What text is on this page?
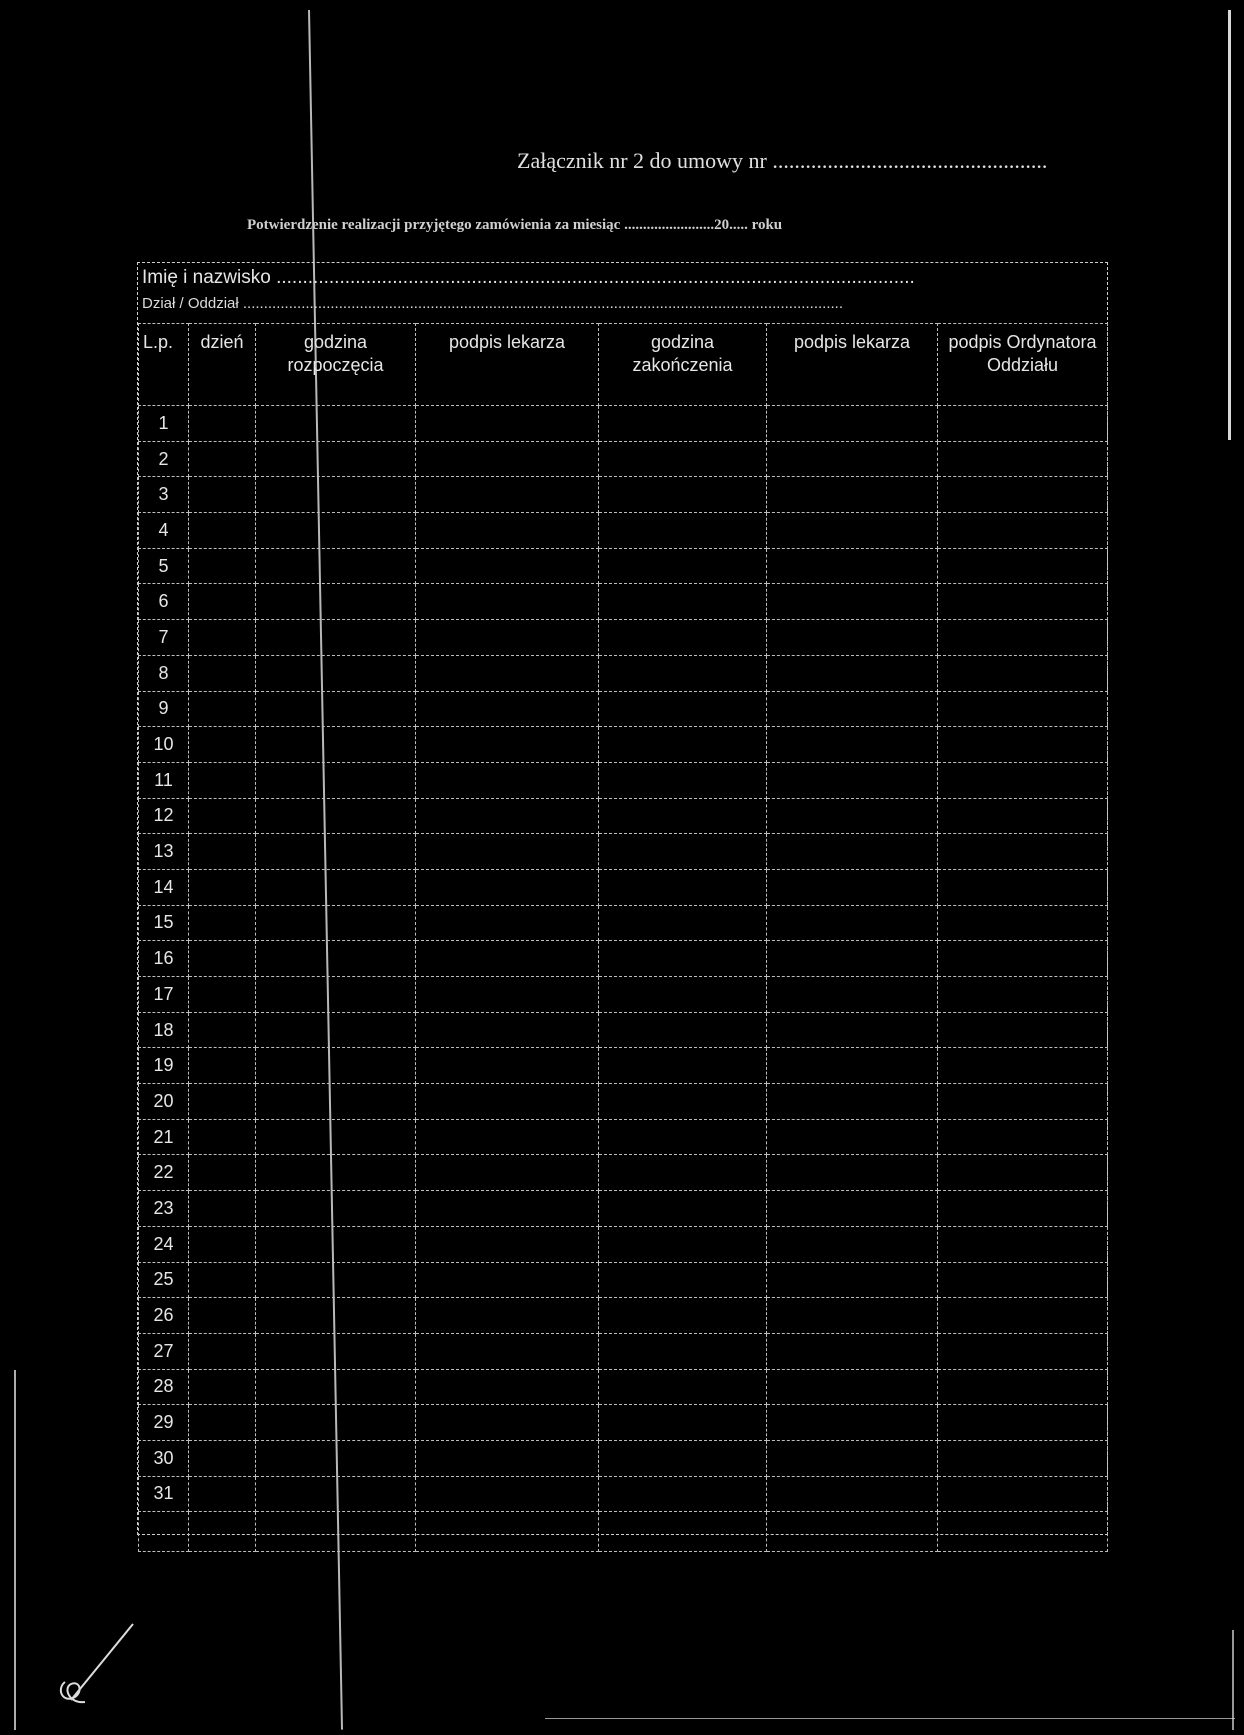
Załącznik nr 2 do umowy nr ..................................................
Potwierdzenie realizacji przyjętego zamówienia za miesiąc ........................20..... roku
Imię i nazwisko .........................................................................................................................
Dział / Oddział ................................................................................................................................................
L.p.	dzień	godzina rozpoczęcia	podpis lekarza	godzina zakończenia	podpis lekarza	podpis Ordynatora Oddziału
1						
2						
3						
4						
5						
6						
7						
8						
9						
10						
11						
12						
13						
14						
15						
16						
17						
18						
19						
20						
21						
22						
23						
24						
25						
26						
27						
28						
29						
30						
31						
